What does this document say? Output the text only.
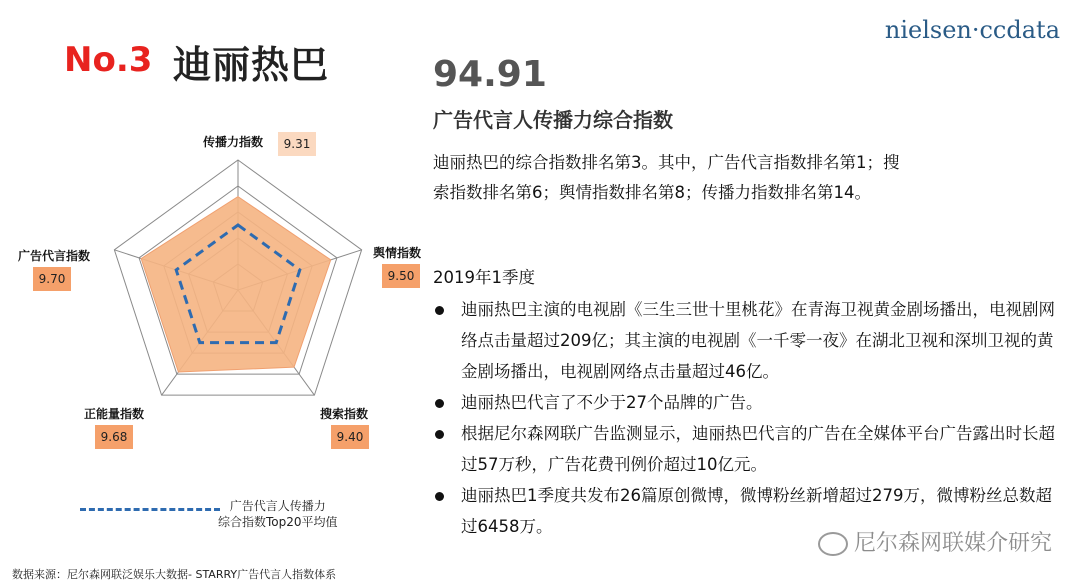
No.3 迪丽热巴
nielsen·ccdata
传播力指数	9.31
舆情指数
9.50
搜索指数
9.40
正能量指数
9.68
广告代言指数
9.70
广告代言人传播力
综合指数Top20平均值
94.91
广告代言人传播力综合指数
迪丽热巴的综合指数排名第3。其中，广告代言指数排名第1；搜索指数排名第6；舆情指数排名第8；传播力指数排名第14。
2019年1季度
迪丽热巴主演的电视剧《三生三世十里桃花》在青海卫视黄金剧场播出，电视剧网络点击量超过209亿；其主演的电视剧《一千零一夜》在湖北卫视和深圳卫视的黄金剧场播出，电视剧网络点击量超过46亿。
迪丽热巴代言了不少于27个品牌的广告。
根据尼尔森网联广告监测显示，迪丽热巴代言的广告在全媒体平台广告露出时长超过57万秒，广告花费刊例价超过10亿元。
迪丽热巴1季度共发布26篇原创微博，微博粉丝新增超过279万，微博粉丝总数超过6458万。
数据来源：尼尔森网联泛娱乐大数据- STARRY广告代言人指数体系
尼尔森网联媒介研究
